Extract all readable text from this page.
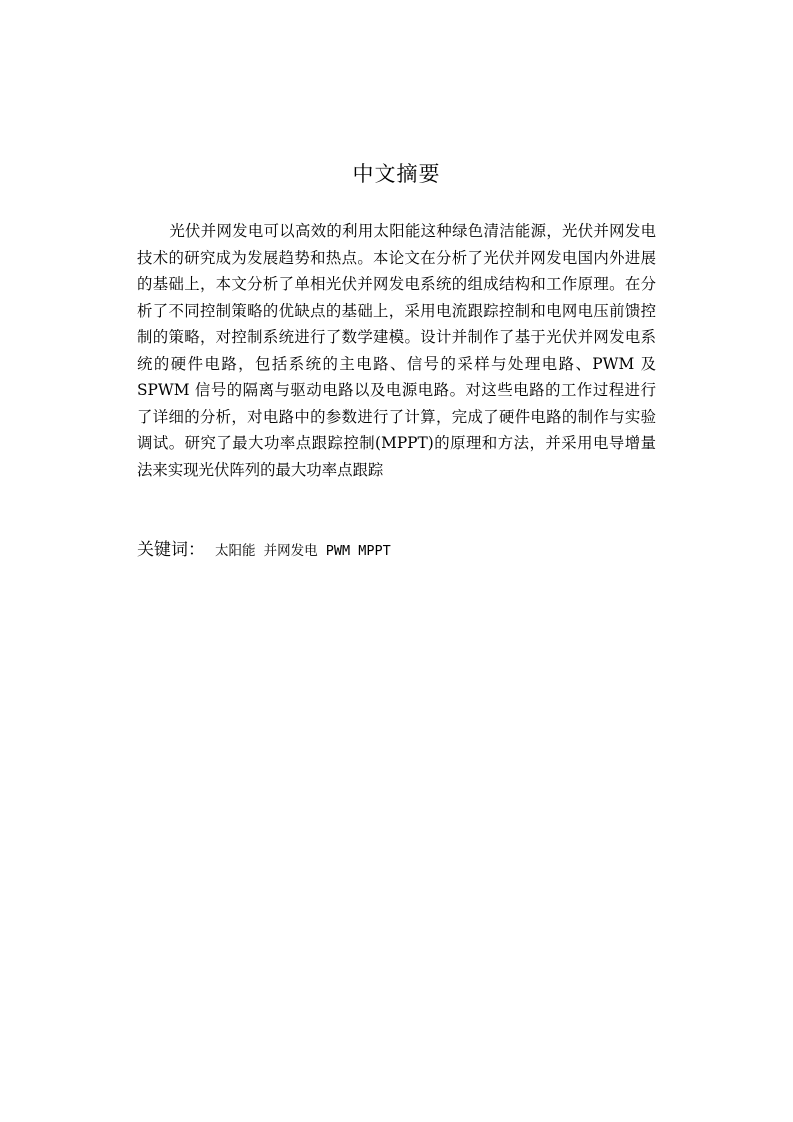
中文摘要

光伏并网发电可以高效的利用太阳能这种绿色清洁能源，光伏并网发电技术的研究成为发展趋势和热点。本论文在分析了光伏并网发电国内外进展的基础上，本文分析了单相光伏并网发电系统的组成结构和工作原理。在分析了不同控制策略的优缺点的基础上，采用电流跟踪控制和电网电压前馈控制的策略，对控制系统进行了数学建模。设计并制作了基于光伏并网发电系统的硬件电路，包括系统的主电路、信号的采样与处理电路、PWM 及 SPWM 信号的隔离与驱动电路以及电源电路。对这些电路的工作过程进行了详细的分析，对电路中的参数进行了计算，完成了硬件电路的制作与实验调试。研究了最大功率点跟踪控制(MPPT)的原理和方法，并采用电导增量法来实现光伏阵列的最大功率点跟踪

关键词： 太阳能 并网发电 PWM MPPT
